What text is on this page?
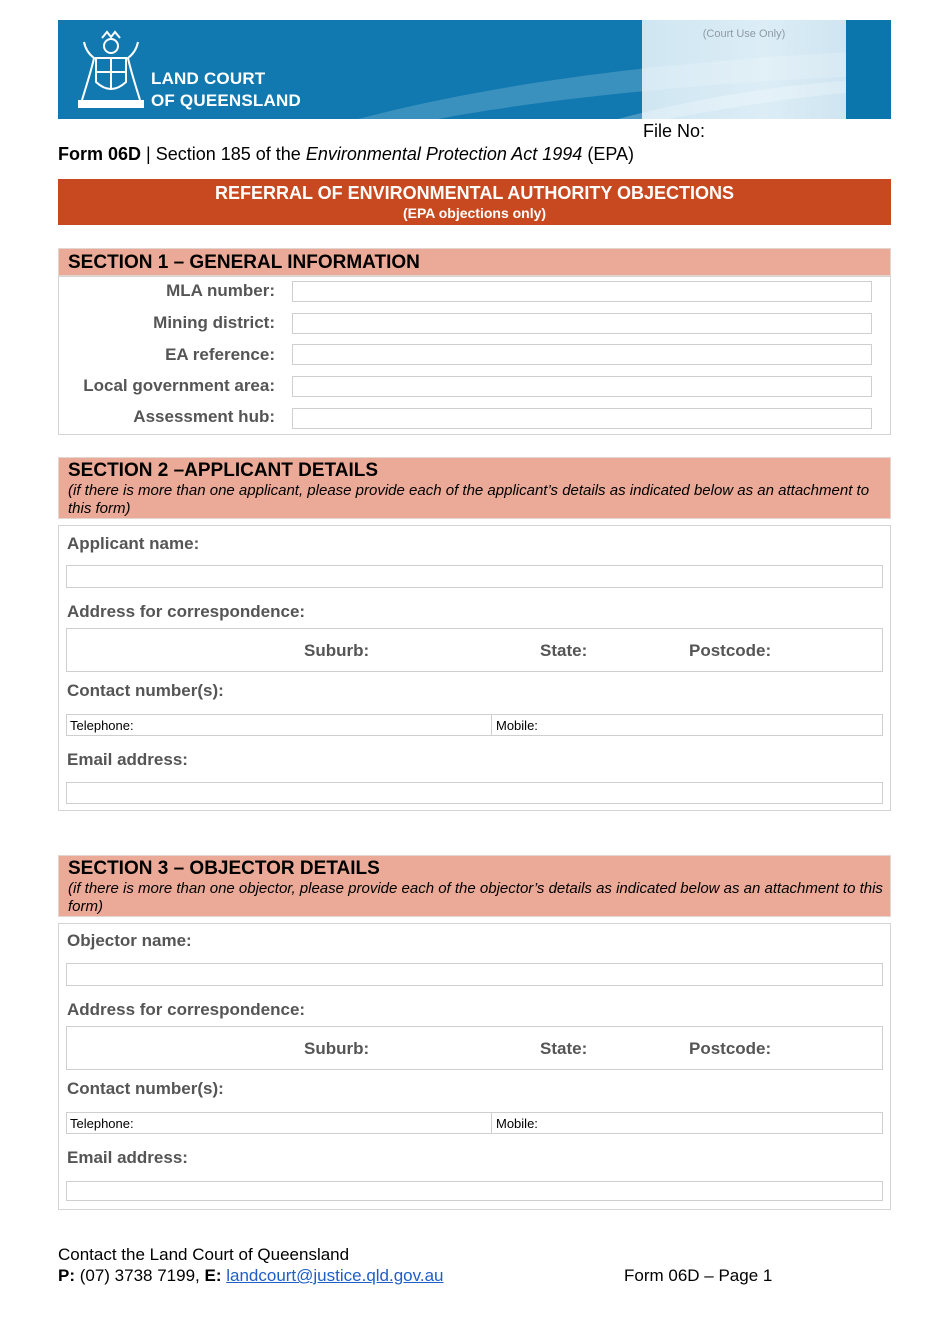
(Court Use Only)
LAND COURT
OF QUEENSLAND
File No:
Form 06D | Section 185 of the Environmental Protection Act 1994 (EPA)
REFERRAL OF ENVIRONMENTAL AUTHORITY OBJECTIONS
(EPA objections only)
SECTION 1 – GENERAL INFORMATION
MLA number:
Mining district:
EA reference:
Local government area:
Assessment hub:
SECTION 2 –APPLICANT DETAILS
(if there is more than one applicant, please provide each of the applicant’s details as indicated below as an attachment to this form)
Applicant name:
Address for correspondence:
Suburb:	State:	Postcode:
Contact number(s):
Telephone:	Mobile:
Email address:
SECTION 3 – OBJECTOR DETAILS
(if there is more than one objector, please provide each of the objector’s details as indicated below as an attachment to this form)
Objector name:
Address for correspondence:
Suburb:	State:	Postcode:
Contact number(s):
Telephone:	Mobile:
Email address:
Contact the Land Court of Queensland
P: (07) 3738 7199, E: landcourt@justice.qld.gov.au	Form 06D – Page 1
